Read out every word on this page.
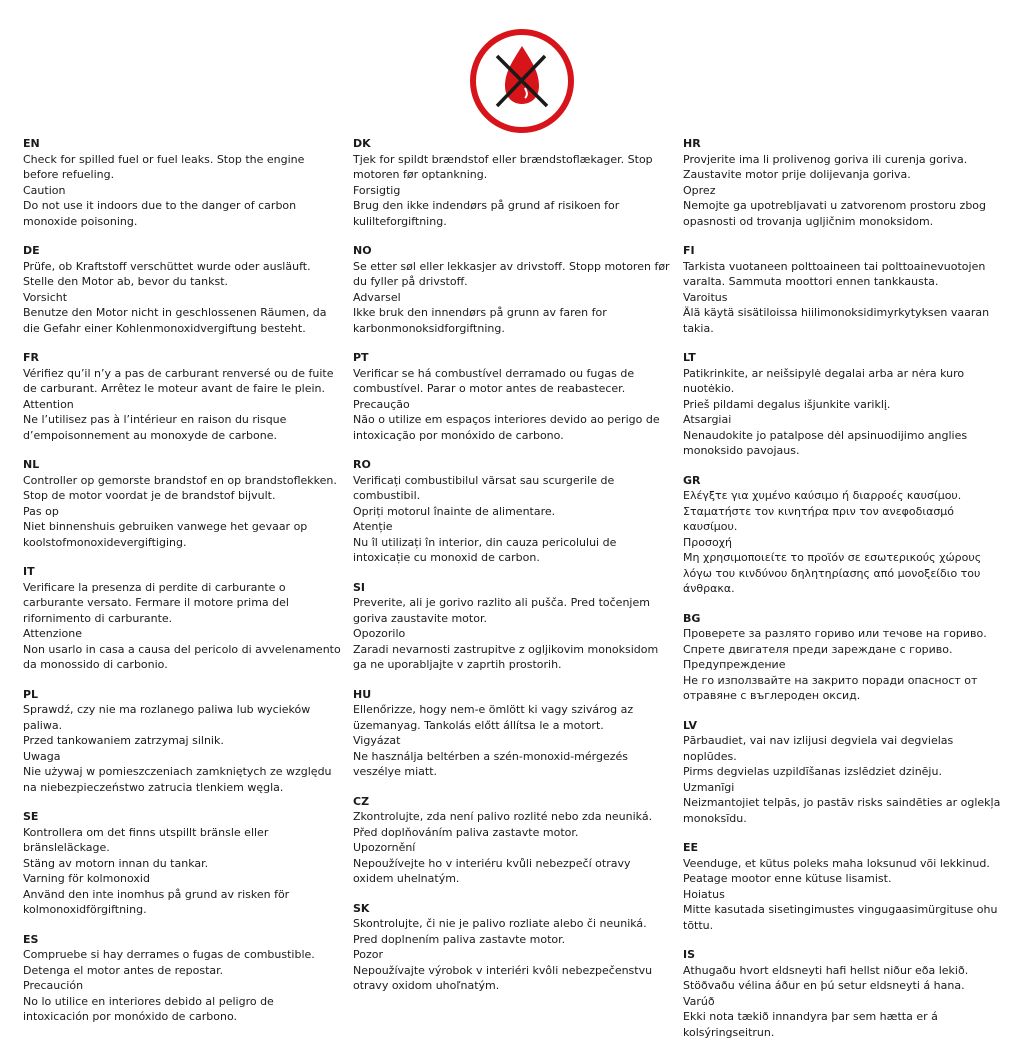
EN
Check for spilled fuel or fuel leaks. Stop the engine before refueling.
Caution
Do not use it indoors due to the danger of carbon monoxide poisoning.
DE
Prüfe, ob Kraftstoff verschüttet wurde oder ausläuft. Stelle den Motor ab, bevor du tankst.
Vorsicht
Benutze den Motor nicht in geschlossenen Räumen, da die Gefahr einer Kohlenmonoxidvergiftung besteht.
FR
Vérifiez qu’il n’y a pas de carburant renversé ou de fuite de carburant. Arrêtez le moteur avant de faire le plein.
Attention
Ne l’utilisez pas à l’intérieur en raison du risque d’empoisonnement au monoxyde de carbone.
NL
Controller op gemorste brandstof en op brandstoflekken.
Stop de motor voordat je de brandstof bijvult.
Pas op
Niet binnenshuis gebruiken vanwege het gevaar op koolstofmonoxidevergiftiging.
IT
Verificare la presenza di perdite di carburante o carburante versato. Fermare il motore prima del rifornimento di carburante.
Attenzione
Non usarlo in casa a causa del pericolo di avvelenamento da monossido di carbonio.
PL
Sprawdź, czy nie ma rozlanego paliwa lub wycieków paliwa.
Przed tankowaniem zatrzymaj silnik.
Uwaga
Nie używaj w pomieszczeniach zamkniętych ze względu na niebezpieczeństwo zatrucia tlenkiem węgla.
SE
Kontrollera om det finns utspillt bränsle eller bränsleläckage.
Stäng av motorn innan du tankar.
Varning för kolmonoxid
Använd den inte inomhus på grund av risken för kolmonoxidförgiftning.
ES
Compruebe si hay derrames o fugas de combustible. Detenga el motor antes de repostar.
Precaución
No lo utilice en interiores debido al peligro de intoxicación por monóxido de carbono.
DK
Tjek for spildt brændstof eller brændstoflækager. Stop motoren før optankning.
Forsigtig
Brug den ikke indendørs på grund af risikoen for kulilteforgiftning.
NO
Se etter søl eller lekkasjer av drivstoff. Stopp motoren før du fyller på drivstoff.
Advarsel
Ikke bruk den innendørs på grunn av faren for karbonmonoksidforgiftning.
PT
Verificar se há combustível derramado ou fugas de combustível. Parar o motor antes de reabastecer.
Precaução
Não o utilize em espaços interiores devido ao perigo de intoxicação por monóxido de carbono.
RO
Verificați combustibilul vărsat sau scurgerile de combustibil.
Opriți motorul înainte de alimentare.
Atenție
Nu îl utilizați în interior, din cauza pericolului de intoxicație cu monoxid de carbon.
SI
Preverite, ali je gorivo razlito ali pušča. Pred točenjem goriva zaustavite motor.
Opozorilo
Zaradi nevarnosti zastrupitve z ogljikovim monoksidom ga ne uporabljajte v zaprtih prostorih.
HU
Ellenőrizze, hogy nem-e ömlött ki vagy szivárog az üzemanyag. Tankolás előtt állítsa le a motort.
Vigyázat
Ne használja beltérben a szén-monoxid-mérgezés veszélye miatt.
CZ
Zkontrolujte, zda není palivo rozlité nebo zda neuniká. Před doplňováním paliva zastavte motor.
Upozornění
Nepoužívejte ho v interiéru kvůli nebezpečí otravy oxidem uhelnatým.
SK
Skontrolujte, či nie je palivo rozliate alebo či neuniká. Pred doplnením paliva zastavte motor.
Pozor
Nepoužívajte výrobok v interiéri kvôli nebezpečenstvu otravy oxidom uhoľnatým.
HR
Provjerite ima li prolivenog goriva ili curenja goriva. Zaustavite motor prije dolijevanja goriva.
Oprez
Nemojte ga upotrebljavati u zatvorenom prostoru zbog opasnosti od trovanja ugljičnim monoksidom.
FI
Tarkista vuotaneen polttoaineen tai polttoainevuotojen varalta. Sammuta moottori ennen tankkausta.
Varoitus
Älä käytä sisätiloissa hiilimonoksidimyrkytyksen vaaran takia.
LT
Patikrinkite, ar neišsipylė degalai arba ar nėra kuro nuotėkio.
Prieš pildami degalus išjunkite variklį.
Atsargiai
Nenaudokite jo patalpose dėl apsinuodijimo anglies monoksido pavojaus.
GR
Ελέγξτε για χυμένο καύσιμο ή διαρροές καυσίμου.
Σταματήστε τον κινητήρα πριν τον ανεφοδιασμό καυσίμου.
Προσοχή
Μη χρησιμοποιείτε το προϊόν σε εσωτερικούς χώρους λόγω του κινδύνου δηλητηρίασης από μονοξείδιο του άνθρακα.
BG
Проверете за разлято гориво или течове на гориво. Спрете двигателя преди зареждане с гориво.
Предупреждение
Не го използвайте на закрито поради опасност от отравяне с въглероден оксид.
LV
Pārbaudiet, vai nav izlijusi degviela vai degvielas noplūdes.
Pirms degvielas uzpildīšanas izslēdziet dzinēju.
Uzmanīgi
Neizmantojiet telpās, jo pastāv risks saindēties ar oglekļa monoksīdu.
EE
Veenduge, et kütus poleks maha loksunud või lekkinud. Peatage mootor enne kütuse lisamist.
Hoiatus
Mitte kasutada sisetingimustes vingugaasimürgituse ohu tõttu.
IS
Athugaðu hvort eldsneyti hafi hellst niður eða lekið. Stöðvaðu vélina áður en þú setur eldsneyti á hana.
Varúð
Ekki nota tækið innandyra þar sem hætta er á kolsýringseitrun.
